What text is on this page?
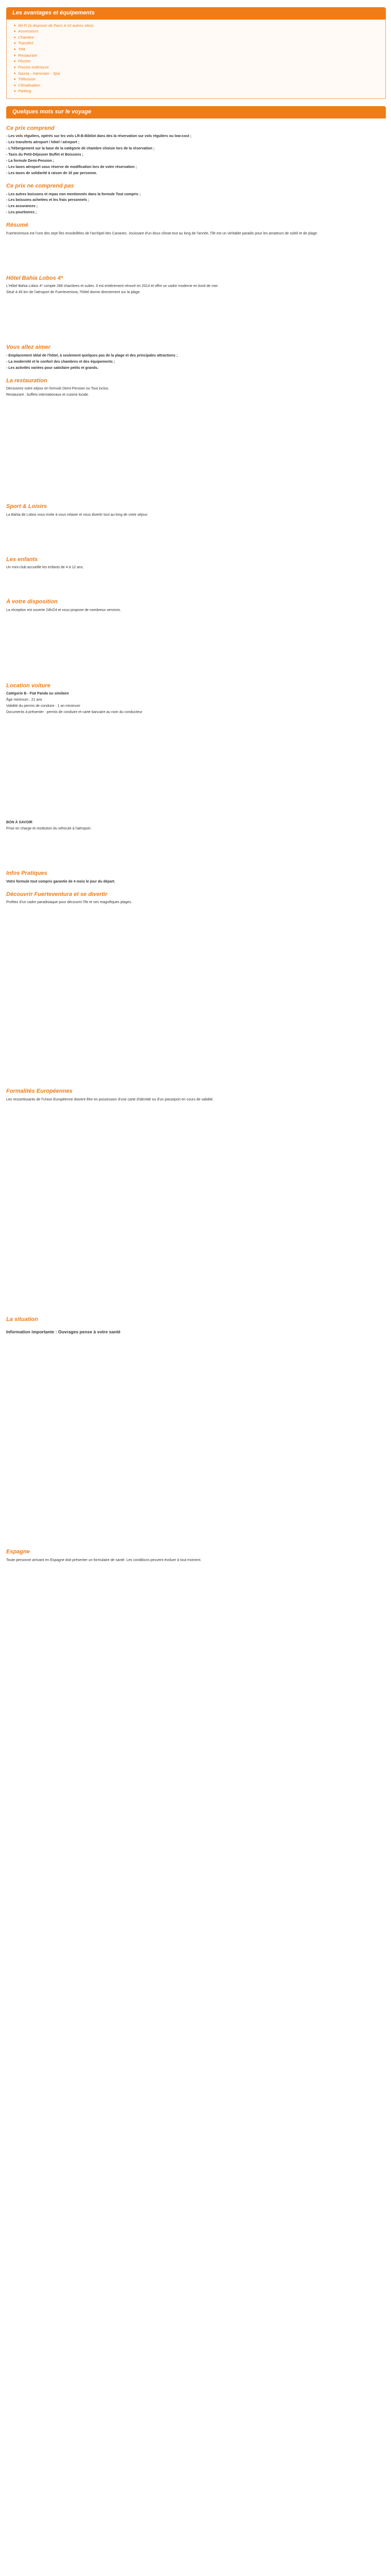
Les avantages et équipements
■ Wi-Fi (à disposer de Paris 4-10 autres sites)
■ Ascenseurs
■ Chambre
■ Transfert
■ TPA
■ Restaurant
■ Piscine
■ Piscine extérieure
■ Sauna - Hammam - Spa
■ Télévision
■ Climatisation
■ Parking
Quelques mots sur le voyage
Ce prix comprend

- Les vols réguliers, opérés sur les vols LR-B-Bibliot dans des la réservation sur vols réguliers ou low-cost ;

- Les transferts aéroport / hôtel / aéroport ;

- L'hébergement sur la base de la catégorie de chambre choisie lors de la réservation ;

- Taxis du Petit-Déjeuner Buffet et Boissons ;

- La formule Demi-Pension ;

- Les taxes aéroport sous réserve de modification lors de votre réservation ;

- Les taxes de solidarité à raison de 1€ par personne.

Ce prix ne comprend pas

- Les autres boissons et repas non mentionnés dans la formule Tout compris ;

- Les boissons achetées et les frais personnels ;

- Les assurances ;

- Les pourboires ;

Résumé

Fuerteventura est l'une des sept îles ensoleillées de l'archipel des Canaries. Jouissant d'un doux climat tout au long de l'année, l'île est un véritable paradis pour les amateurs de soleil et de plage.

Hôtel Bahia Lobos 4*

L'Hôtel Bahia Lobos 4* compte 288 chambres et suites. Il est entièrement rénové en 2014 et offre un cadre moderne en bord de mer.

Situé à 45 km de l'aéroport de Fuerteventura, l'hôtel donne directement sur la plage.

Vous allez aimer

- Emplacement idéal de l'hôtel, à seulement quelques pas de la plage et des principales attractions ;

- La modernité et le confort des chambres et des équipements ;

- Les activités variées pour satisfaire petits et grands.

La restauration

Découvrez votre séjour en formule Demi-Pension ou Tout inclus.

Restaurant : buffets internationaux et cuisine locale.

Sport & Loisirs

La Bahia de Lobos vous invite à vous relaxer et vous divertir tout au long de votre séjour.

Les enfants

Un mini-club accueille les enfants de 4 à 12 ans.

À votre disposition

La réception est ouverte 24h/24 et vous propose de nombreux services.

Location voiture

Catégorie B - Fiat Panda ou similaire

Âge minimum : 21 ans

Validité du permis de conduire : 1 an minimum

Documents à présenter : permis de conduire et carte bancaire au nom du conducteur

BON À SAVOIR

Prise en charge et restitution du véhicule à l'aéroport.

Infos Pratiques

Votre formule tout compris garantie de 4 mois le jour du départ.

Découvrir Fuerteventura et se divertir

Profitez d'un cadre paradisiaque pour découvrir l'île et ses magnifiques plages.

Formalités Européennes

Les ressortissants de l'Union Européenne doivent être en possession d'une carte d'identité ou d'un passeport en cours de validité.

La situation
Information importante : Ouvrages pense à votre santé
Espagne

Toute personne arrivant en Espagne doit présenter un formulaire de santé. Les conditions peuvent évoluer à tout moment.
